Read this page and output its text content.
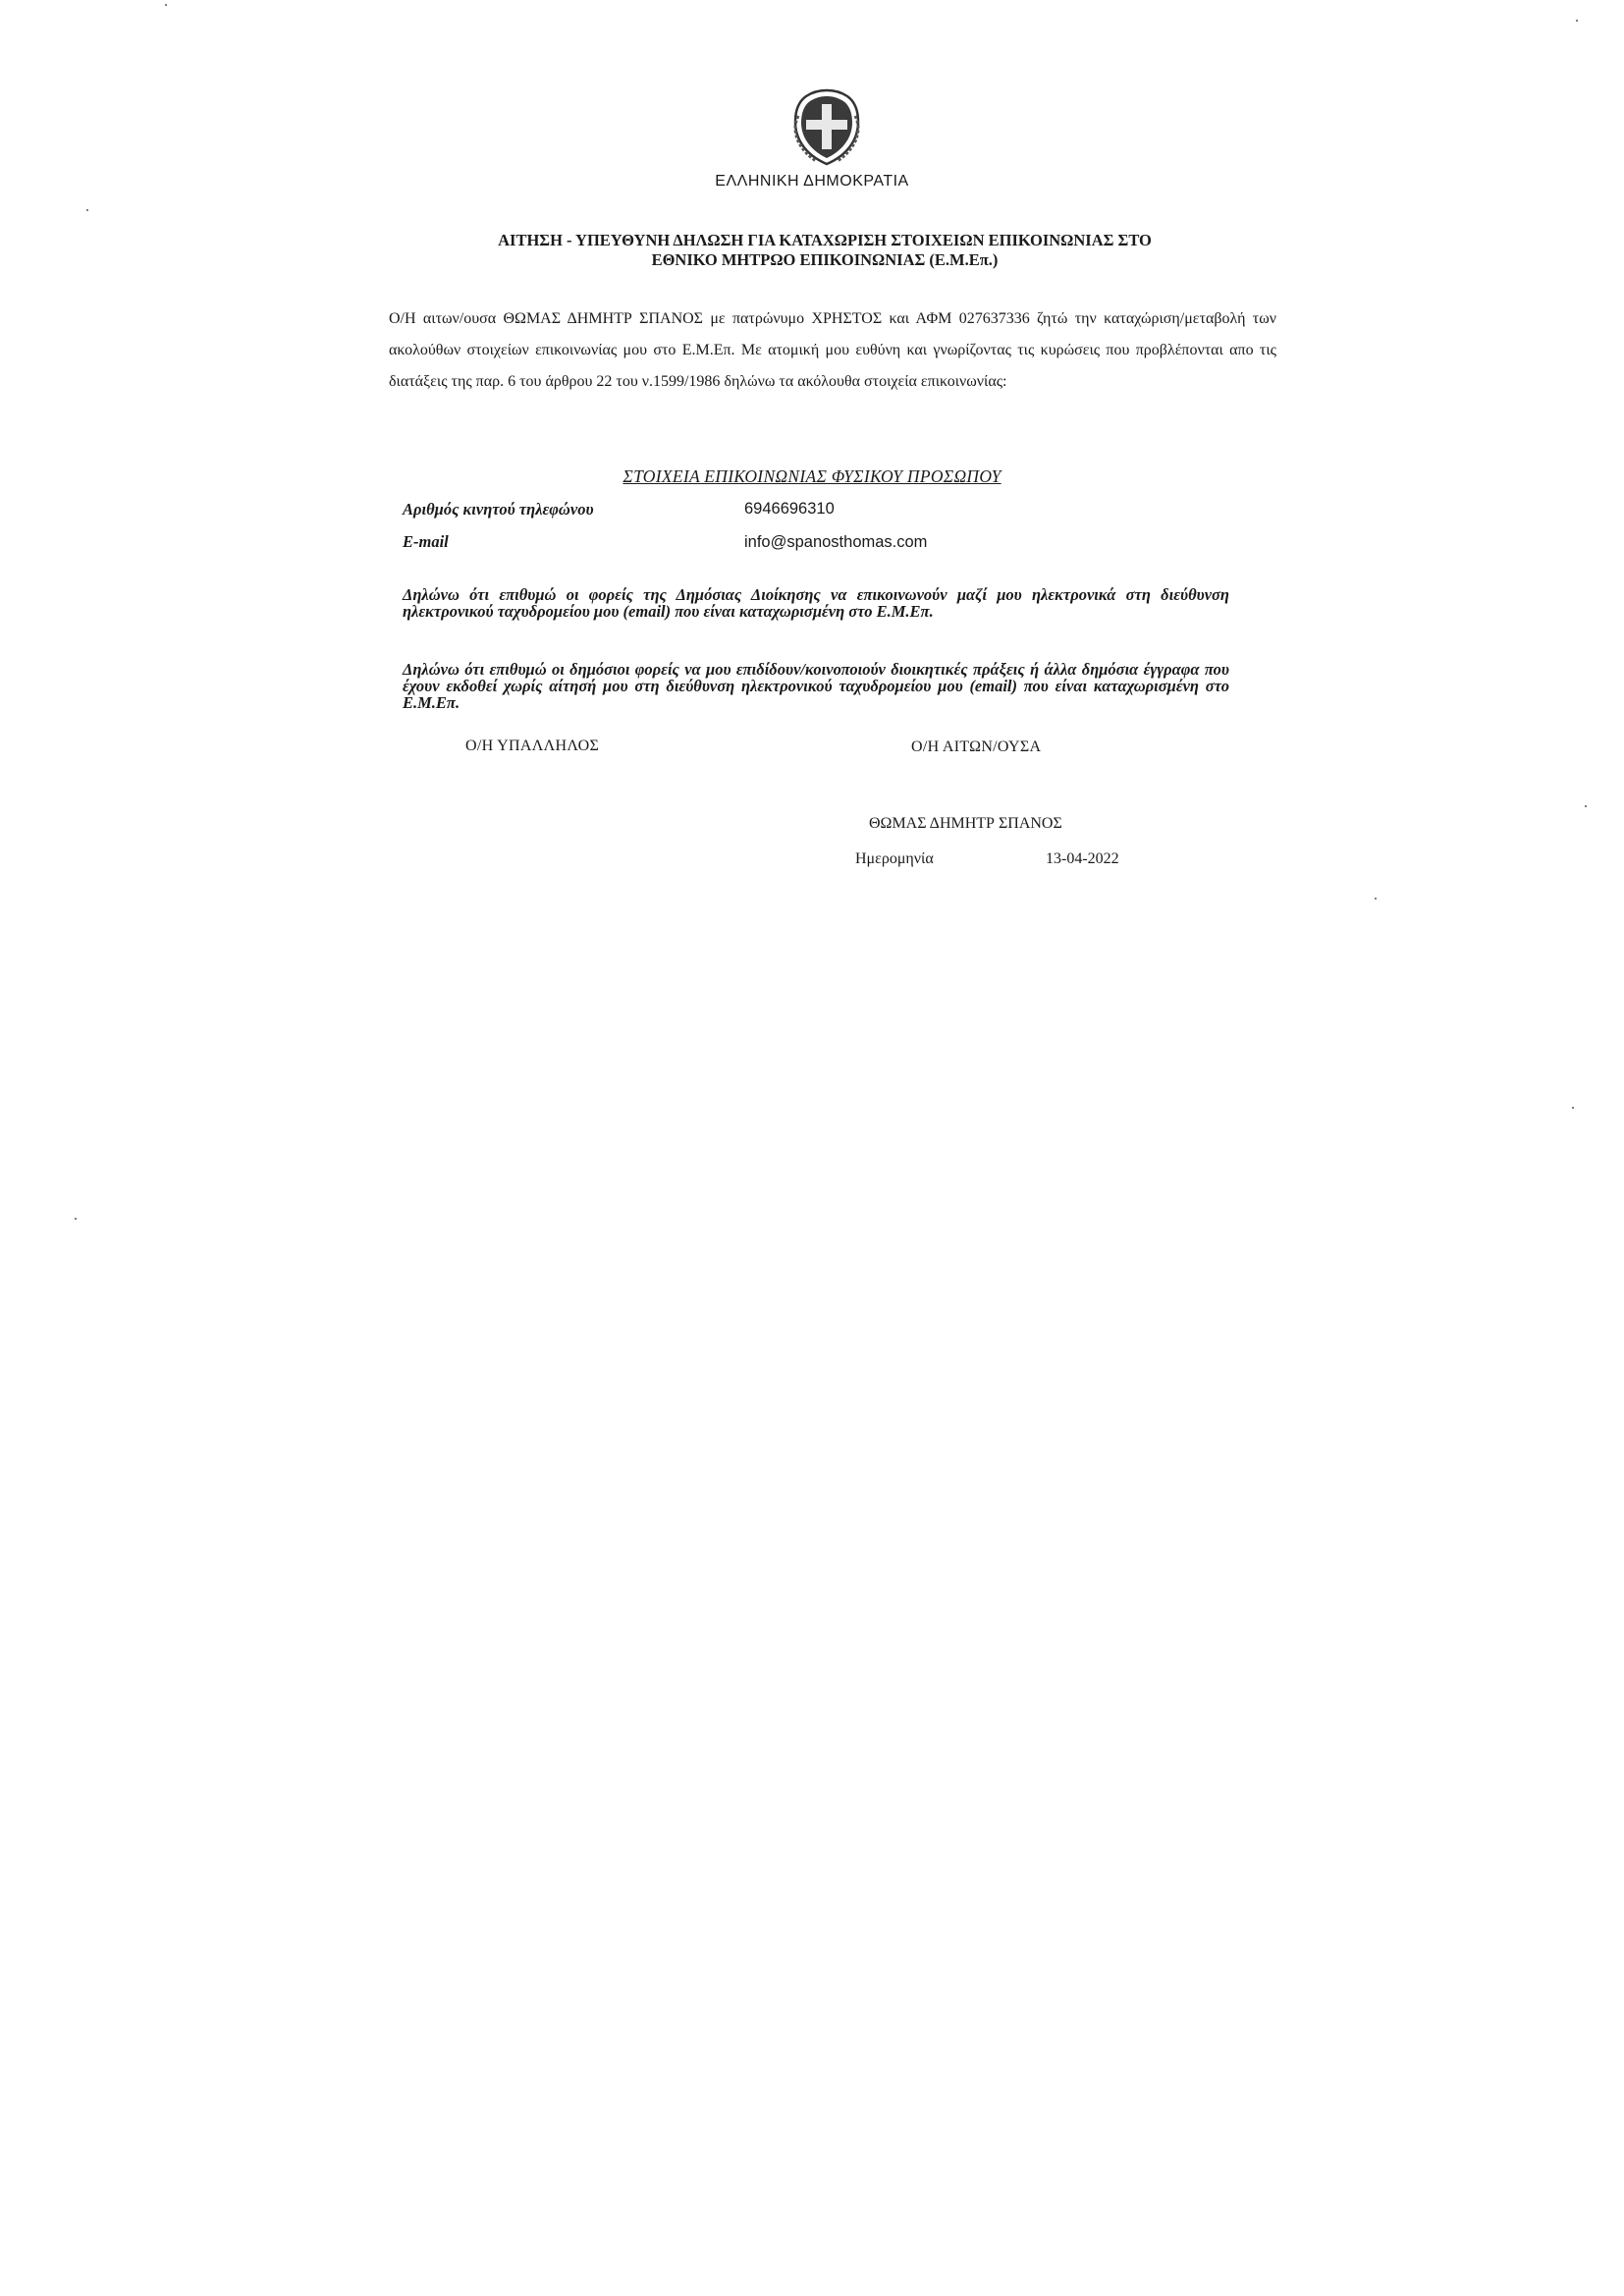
ΕΛΛΗΝΙΚΗ ΔΗΜΟΚΡΑΤΙΑ
ΑΙΤΗΣΗ - ΥΠΕΥΘΥΝΗ ΔΗΛΩΣΗ ΓΙΑ ΚΑΤΑΧΩΡΙΣΗ ΣΤΟΙΧΕΙΩΝ ΕΠΙΚΟΙΝΩΝΙΑΣ ΣΤΟ
ΕΘΝΙΚΟ ΜΗΤΡΩΟ ΕΠΙΚΟΙΝΩΝΙΑΣ (Ε.Μ.Επ.)
Ο/Η αιτων/ουσα ΘΩΜΑΣ ΔΗΜΗΤΡ ΣΠΑΝΟΣ με πατρώνυμο ΧΡΗΣΤΟΣ και ΑΦΜ 027637336 ζητώ την καταχώριση/μεταβολή των ακολούθων στοιχείων επικοινωνίας μου στο Ε.Μ.Επ. Με ατομική μου ευθύνη και γνωρίζοντας τις κυρώσεις που προβλέπονται απο τις διατάξεις της παρ. 6 του άρθρου 22 του ν.1599/1986 δηλώνω τα ακόλουθα στοιχεία επικοινωνίας:
ΣΤΟΙΧΕΙΑ ΕΠΙΚΟΙΝΩΝΙΑΣ ΦΥΣΙΚΟΥ ΠΡΟΣΩΠΟΥ
Αριθμός κινητού τηλεφώνου	6946696310
E-mail	info@spanosthomas.com
Δηλώνω ότι επιθυμώ οι φορείς της Δημόσιας Διοίκησης να επικοινωνούν μαζί μου ηλεκτρονικά στη διεύθυνση ηλεκτρονικού ταχυδρομείου μου (email) που είναι καταχωρισμένη στο Ε.Μ.Επ.
Δηλώνω ότι επιθυμώ οι δημόσιοι φορείς να μου επιδίδουν/κοινοποιούν διοικητικές πράξεις ή άλλα δημόσια έγγραφα που έχουν εκδοθεί χωρίς αίτησή μου στη διεύθυνση ηλεκτρονικού ταχυδρομείου μου (email) που είναι καταχωρισμένη στο Ε.Μ.Επ.
Ο/Η ΥΠΑΛΛΗΛΟΣ	Ο/Η ΑΙΤΩΝ/ΟΥΣΑ
ΘΩΜΑΣ ΔΗΜΗΤΡ ΣΠΑΝΟΣ
Ημερομηνία	13-04-2022
